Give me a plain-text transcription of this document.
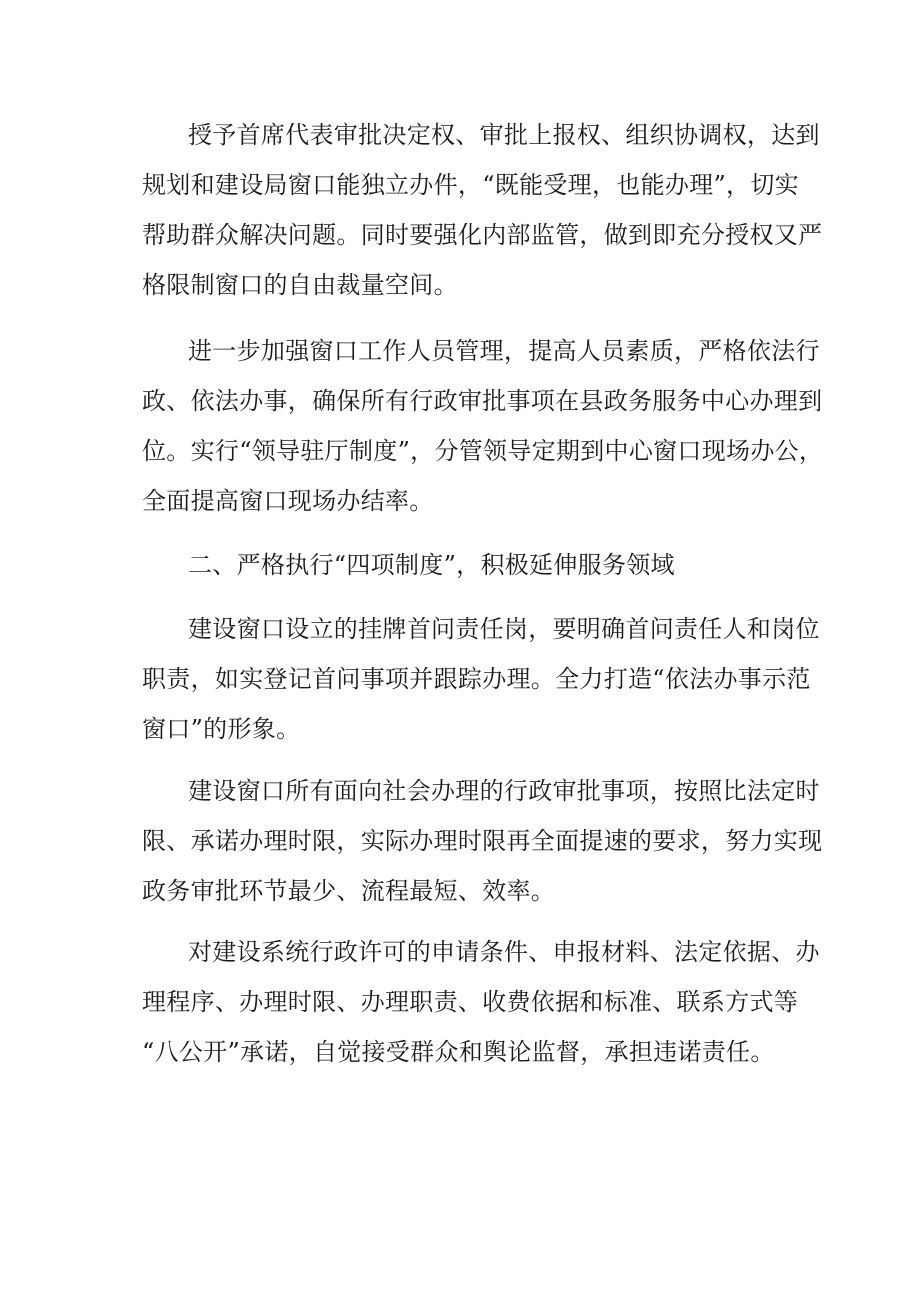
授予首席代表审批决定权、审批上报权、组织协调权，达到

规划和建设局窗口能独立办件，“既能受理，也能办理”，切实

帮助群众解决问题。同时要强化内部监管，做到即充分授权又严

格限制窗口的自由裁量空间。

进一步加强窗口工作人员管理，提高人员素质，严格依法行

政、依法办事，确保所有行政审批事项在县政务服务中心办理到

位。实行“领导驻厅制度”，分管领导定期到中心窗口现场办公，

全面提高窗口现场办结率。

二、严格执行“四项制度”，积极延伸服务领域

建设窗口设立的挂牌首问责任岗，要明确首问责任人和岗位

职责，如实登记首问事项并跟踪办理。全力打造“依法办事示范

窗口”的形象。

建设窗口所有面向社会办理的行政审批事项，按照比法定时

限、承诺办理时限，实际办理时限再全面提速的要求，努力实现

政务审批环节最少、流程最短、效率。

对建设系统行政许可的申请条件、申报材料、法定依据、办

理程序、办理时限、办理职责、收费依据和标准、联系方式等

“八公开”承诺，自觉接受群众和舆论监督，承担违诺责任。
